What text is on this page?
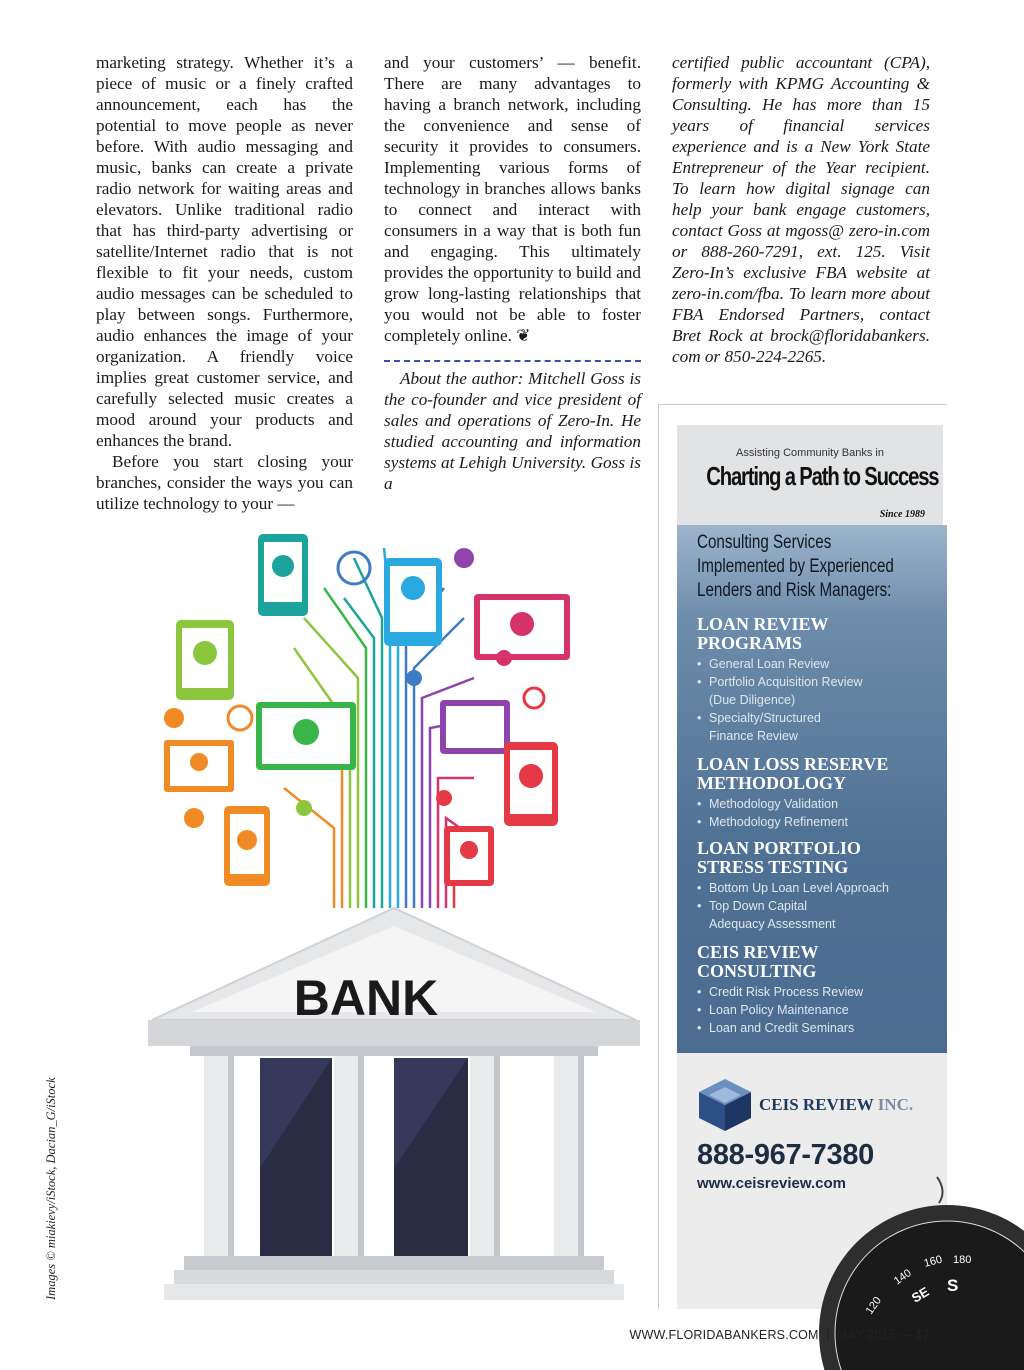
marketing strategy. Whether it’s a piece of music or a finely crafted announcement, each has the potential to move people as never before. With audio messaging and music, banks can create a private radio network for waiting areas and elevators. Unlike traditional radio that has third-party advertising or satellite/Internet radio that is not flexible to fit your needs, custom audio messages can be scheduled to play between songs. Furthermore, audio enhances the image of your organization. A friendly voice implies great customer service, and carefully selected music creates a mood around your products and enhances the brand.

Before you start closing your branches, consider the ways you can utilize technology to your —

and your customers’ — benefit. There are many advantages to having a branch network, including the convenience and sense of security it provides to consumers. Implementing various forms of technology in branches allows banks to connect and interact with consumers in a way that is both fun and engaging. This ultimately provides the opportunity to build and grow long-lasting relationships that you would not be able to foster completely online. ❦

About the author: Mitchell Goss is the co-founder and vice president of sales and operations of Zero-In. He studied accounting and information systems at Lehigh University. Goss is a

certified public accountant (CPA), formerly with KPMG Accounting & Consulting. He has more than 15 years of financial services experience and is a New York State Entrepreneur of the Year recipient. To learn how digital signage can help your bank engage customers, contact Goss at mgoss@ zero-in.com or 888-260-7291, ext. 125. Visit Zero-In’s exclusive FBA website at zero-in.com/fba. To learn more about FBA Endorsed Partners, contact Bret Rock at brock@floridabankers. com or 850-224-2265.

BANK
Images © miakievy/iStock, Dacian_G/iStock
Assisting Community Banks in
Charting a Path to Success
Since 1989
Consulting Services
Implemented by Experienced
Lenders and Risk Managers:
LOAN REVIEW
PROGRAMS
• General Loan Review
• Portfolio Acquisition Review
(Due Diligence)
• Specialty/Structured
Finance Review
LOAN LOSS RESERVE
METHODOLOGY
• Methodology Validation
• Methodology Refinement
LOAN PORTFOLIO
STRESS TESTING
• Bottom Up Loan Level Approach
• Top Down Capital
Adequacy Assessment
CEIS REVIEW
CONSULTING
• Credit Risk Process Review
• Loan Policy Maintenance
• Loan and Credit Seminars
CEIS REVIEW INC.
888-967-7380
www.ceisreview.com
140
120
160 180
SE S
WWW.FLORIDABANKERS.COM  |  MAY 2015 — 17
